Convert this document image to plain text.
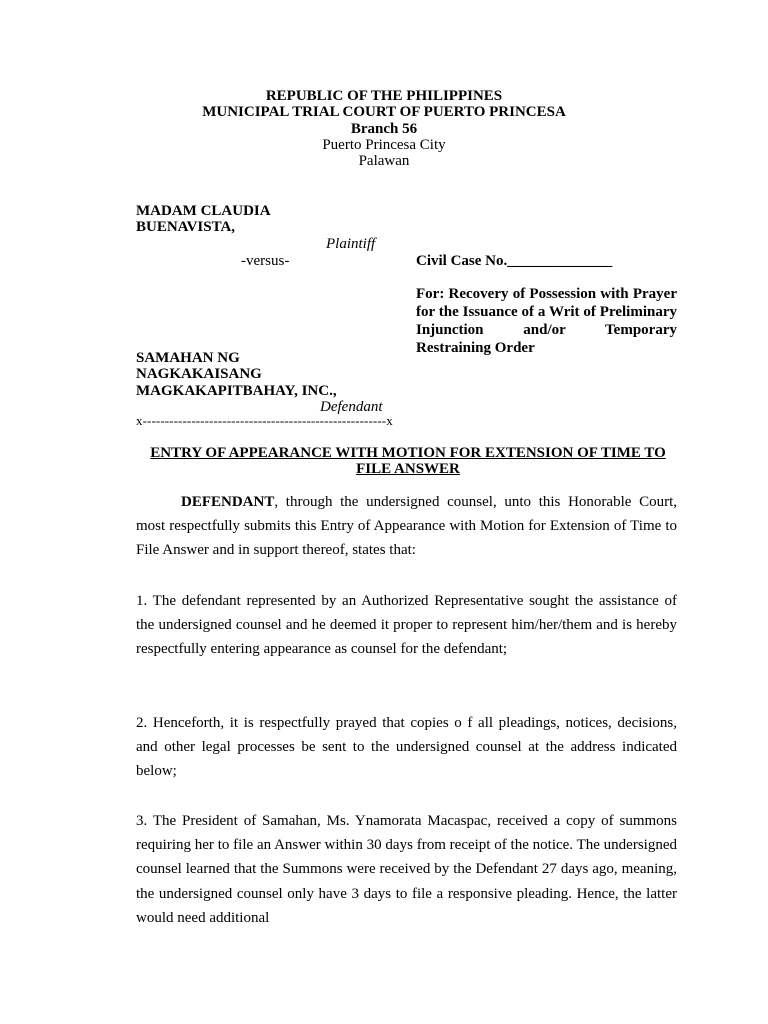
REPUBLIC OF THE PHILIPPINES
MUNICIPAL TRIAL COURT OF PUERTO PRINCESA
Branch 56
Puerto Princesa City
Palawan
MADAM CLAUDIA
BUENAVISTA,
Plaintiff
-versus-	Civil Case No.______________
For: Recovery of Possession with Prayer for the Issuance of a Writ of Preliminary Injunction and/or Temporary Restraining Order
SAMAHAN NG
NAGKAKAISANG
MAGKAKAPITBAHAY, INC.,
Defendant
x-------------------------------------------------------x
ENTRY OF APPEARANCE WITH MOTION FOR EXTENSION OF TIME TO FILE ANSWER
DEFENDANT, through the undersigned counsel, unto this Honorable Court, most respectfully submits this Entry of Appearance with Motion for Extension of Time to File Answer and in support thereof, states that:
1. The defendant represented by an Authorized Representative sought the assistance of the undersigned counsel and he deemed it proper to represent him/her/them and is hereby respectfully entering appearance as counsel for the defendant;
2. Henceforth, it is respectfully prayed that copies o f all pleadings, notices, decisions, and other legal processes be sent to the undersigned counsel at the address indicated below;
3. The President of Samahan, Ms. Ynamorata Macaspac, received a copy of summons requiring her to file an Answer within 30 days from receipt of the notice. The undersigned counsel learned that the Summons were received by the Defendant 27 days ago, meaning, the undersigned counsel only have 3 days to file a responsive pleading. Hence, the latter would need additional
